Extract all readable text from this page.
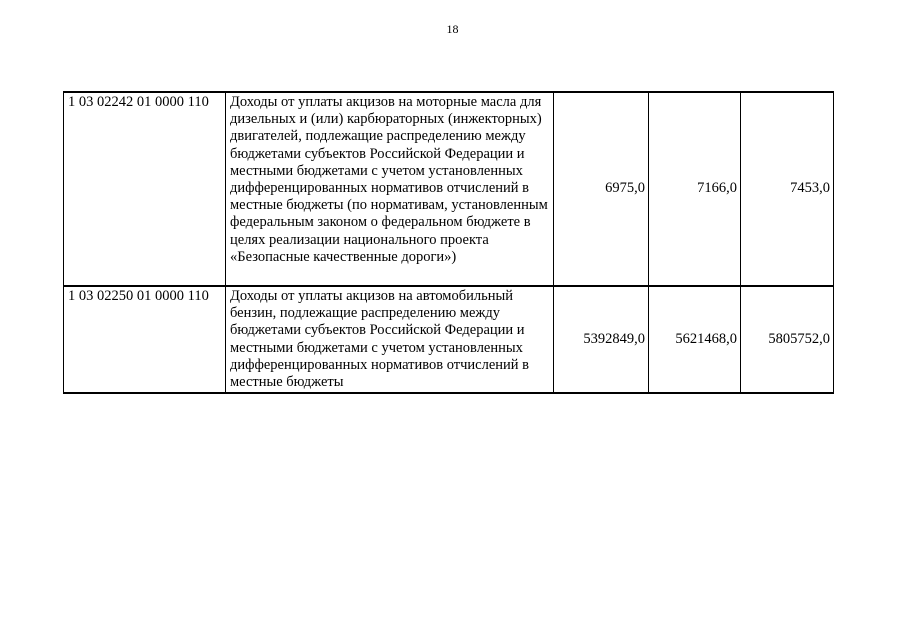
18
1 03 02242 01 0000 110	Доходы от уплаты акцизов на моторные масла для дизельных и (или) карбюраторных (инжекторных) двигателей, подлежащие распределению между бюджетами субъектов Российской Федерации и местными бюджетами с учетом установленных дифференцированных нормативов отчислений в местные бюджеты (по нормативам, установленным федеральным законом о федеральном бюджете в целях реализации национального проекта «Безопасные качественные дороги»)	6975,0	7166,0	7453,0
1 03 02250 01 0000 110	Доходы от уплаты акцизов на автомобильный бензин, подлежащие распределению между бюджетами субъектов Российской Федерации и местными бюджетами с учетом установленных дифференцированных нормативов отчислений в местные бюджеты	5392849,0	5621468,0	5805752,0
